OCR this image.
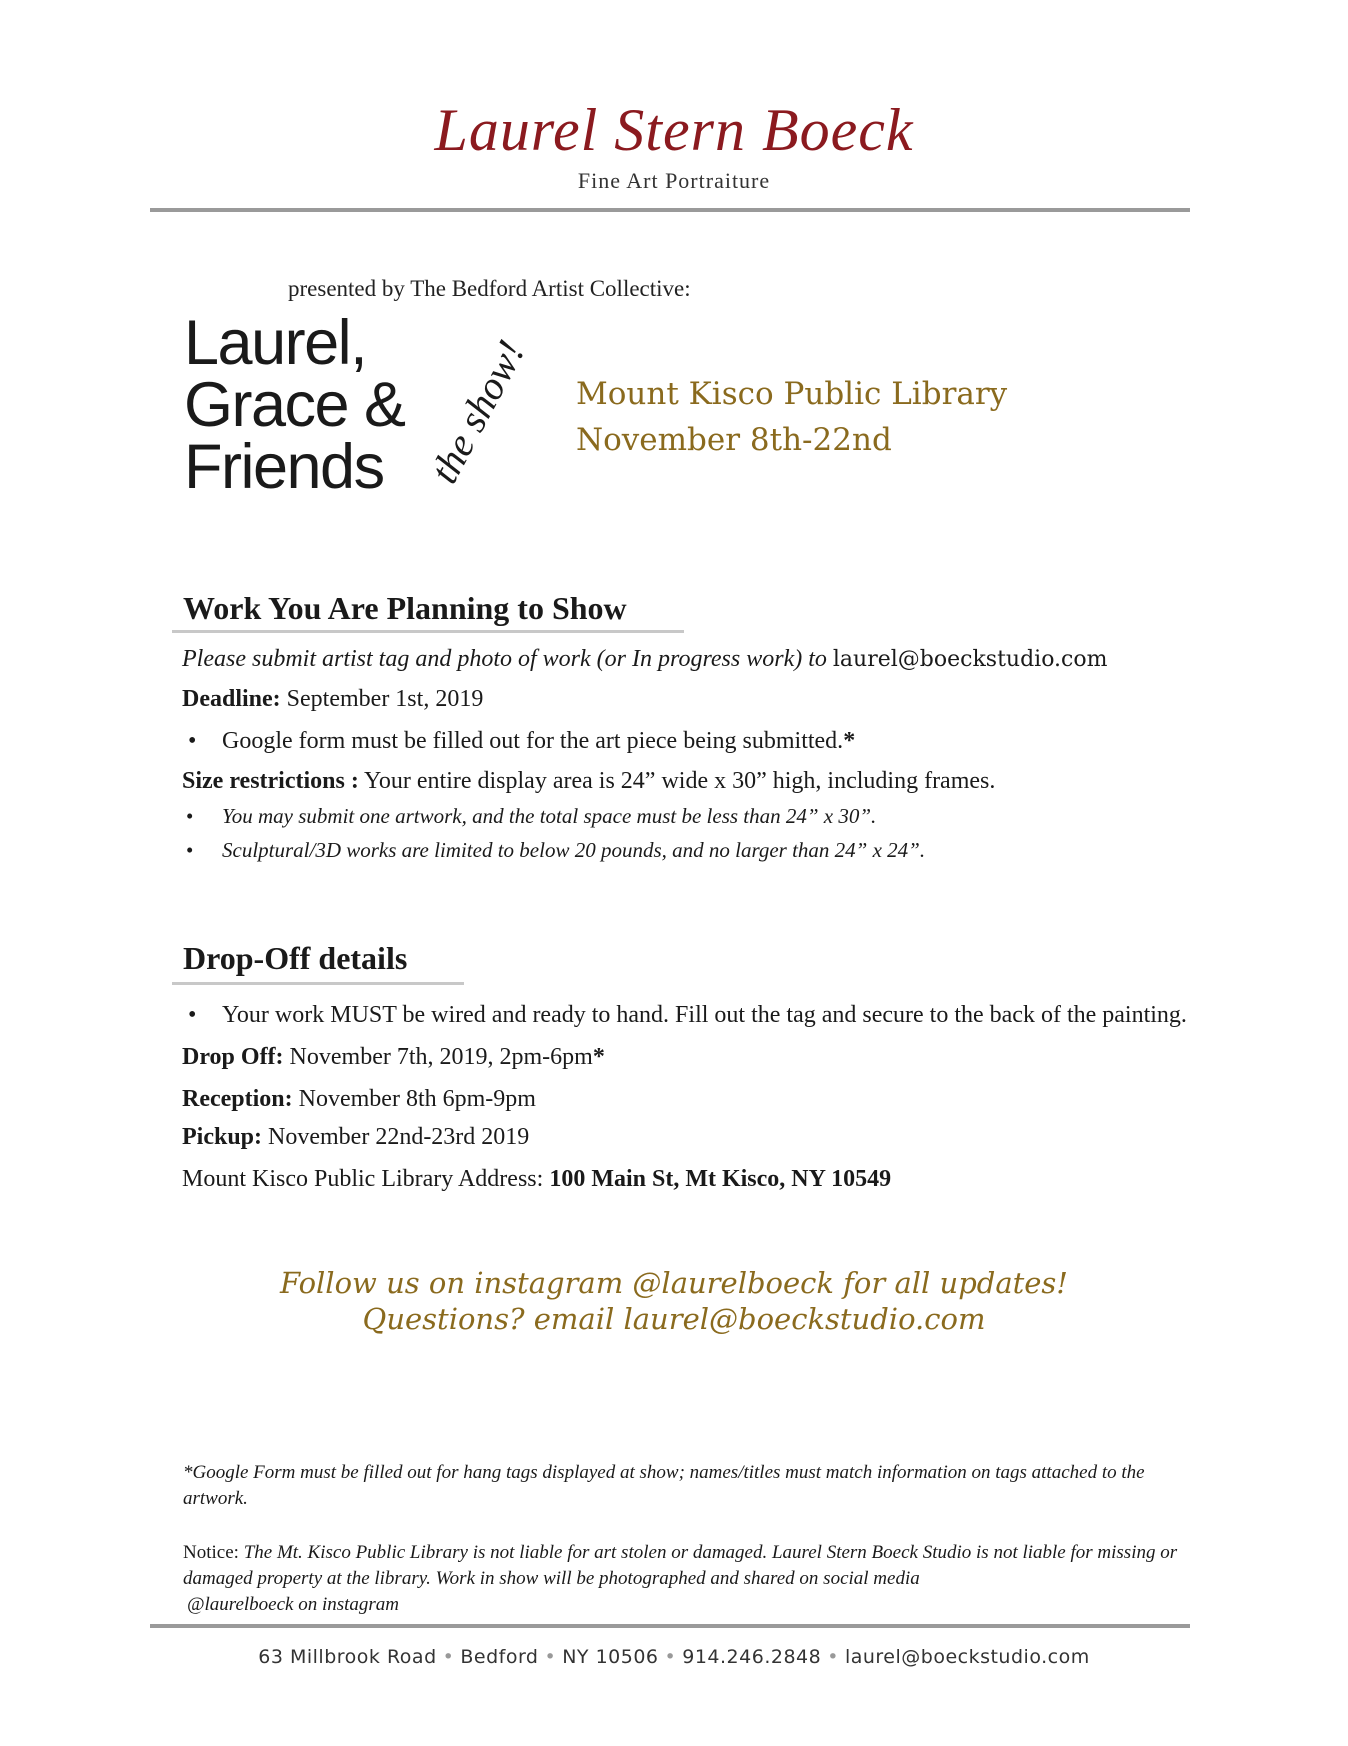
Laurel Stern Boeck
Fine Art Portraiture
presented by The Bedford Artist Collective:
Laurel,
Grace &
Friends the show! Mount Kisco Public Library
November 8th-22nd
Work You Are Planning to Show
Please submit artist tag and photo of work (or In progress work) to laurel@boeckstudio.com
Deadline: September 1st, 2019
• Google form must be filled out for the art piece being submitted.*
Size restrictions : Your entire display area is 24” wide x 30” high, including frames.
• You may submit one artwork, and the total space must be less than 24” x 30”.
• Sculptural/3D works are limited to below 20 pounds, and no larger than 24” x 24”.
Drop-Off details
• Your work MUST be wired and ready to hand. Fill out the tag and secure to the back of the painting.
Drop Off: November 7th, 2019, 2pm-6pm*
Reception: November 8th 6pm-9pm
Pickup: November 22nd-23rd 2019
Mount Kisco Public Library Address: 100 Main St, Mt Kisco, NY 10549
Follow us on instagram @laurelboeck for all updates!
Questions? email laurel@boeckstudio.com
*Google Form must be filled out for hang tags displayed at show; names/titles must match information on tags attached to the artwork.
Notice: The Mt. Kisco Public Library is not liable for art stolen or damaged. Laurel Stern Boeck Studio is not liable for missing or damaged property at the library. Work in show will be photographed and shared on social media
@laurelboeck on instagram
63 Millbrook Road • Bedford • NY 10506 • 914.246.2848 • laurel@boeckstudio.com
